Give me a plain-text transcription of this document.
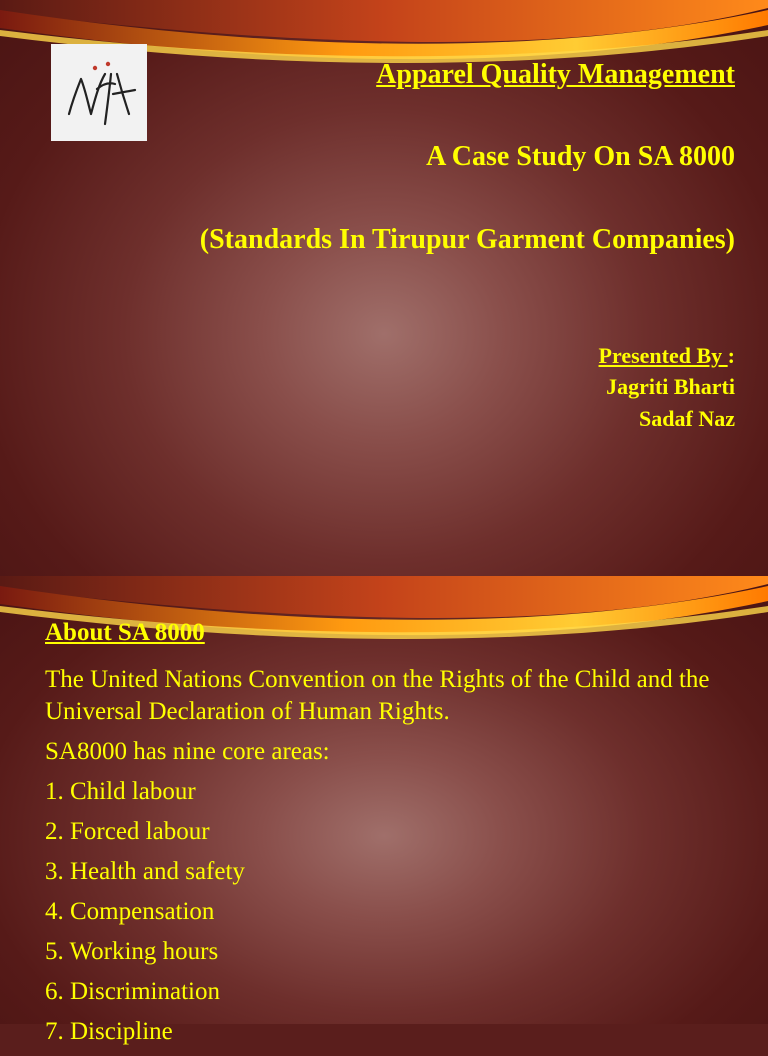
Apparel Quality Management
A Case Study On SA 8000
(Standards In Tirupur Garment Companies)
Presented By :
Jagriti Bharti
Sadaf Naz
About SA 8000

The United Nations Convention on the Rights of the Child and the Universal Declaration of Human Rights.

SA8000 has nine core areas:

1. Child labour
2. Forced labour
3. Health and safety
4. Compensation
5. Working hours
6. Discrimination
7. Discipline
